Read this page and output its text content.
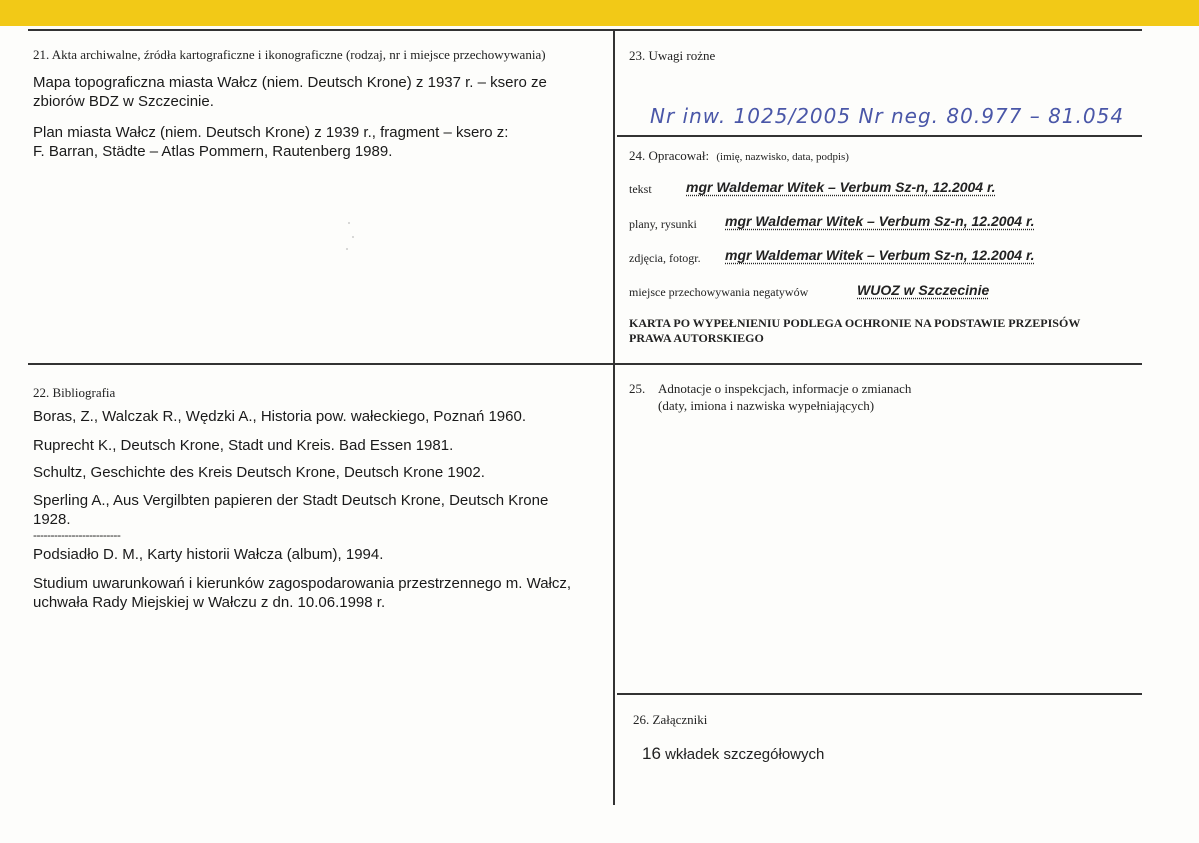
21. Akta archiwalne, źródła kartograficzne i ikonograficzne (rodzaj, nr i miejsce przechowywania)
Mapa topograficzna miasta Wałcz (niem. Deutsch Krone) z 1937 r. – ksero ze
zbiorów BDZ w Szczecinie.
Plan miasta Wałcz (niem. Deutsch Krone) z 1939 r., fragment – ksero z:
F. Barran, Städte – Atlas Pommern, Rautenberg 1989.
23. Uwagi rożne
Nr inw. 1025/2005 Nr neg. 80.977 – 81.054
24. Opracował: (imię, nazwisko, data, podpis)
tekst mgr Waldemar Witek – Verbum Sz-n, 12.2004 r.
plany, rysunki mgr Waldemar Witek – Verbum Sz-n, 12.2004 r.
zdjęcia, fotogr. mgr Waldemar Witek – Verbum Sz-n, 12.2004 r.
miejsce przechowywania negatywów	WUOZ w Szczecinie
KARTA PO WYPEŁNIENIU PODLEGA OCHRONIE NA PODSTAWIE PRZEPISÓW
PRAWA AUTORSKIEGO
22. Bibliografia
Boras, Z., Walczak R., Wędzki A., Historia pow. wałeckiego, Poznań 1960.
Ruprecht K., Deutsch Krone, Stadt und Kreis. Bad Essen 1981.
Schultz, Geschichte des Kreis Deutsch Krone, Deutsch Krone 1902.
Sperling A., Aus Vergilbten papieren der Stadt Deutsch Krone, Deutsch Krone
1928.
-------------------------
Podsiadło D. M., Karty historii Wałcza (album), 1994.
Studium uwarunkowań i kierunków zagospodarowania przestrzennego m. Wałcz,
uchwała Rady Miejskiej w Wałczu z dn. 10.06.1998 r.
25. Adnotacje o inspekcjach, informacje o zmianach
(daty, imiona i nazwiska wypełniających)
26. Załączniki
16 wkładek szczegółowych
